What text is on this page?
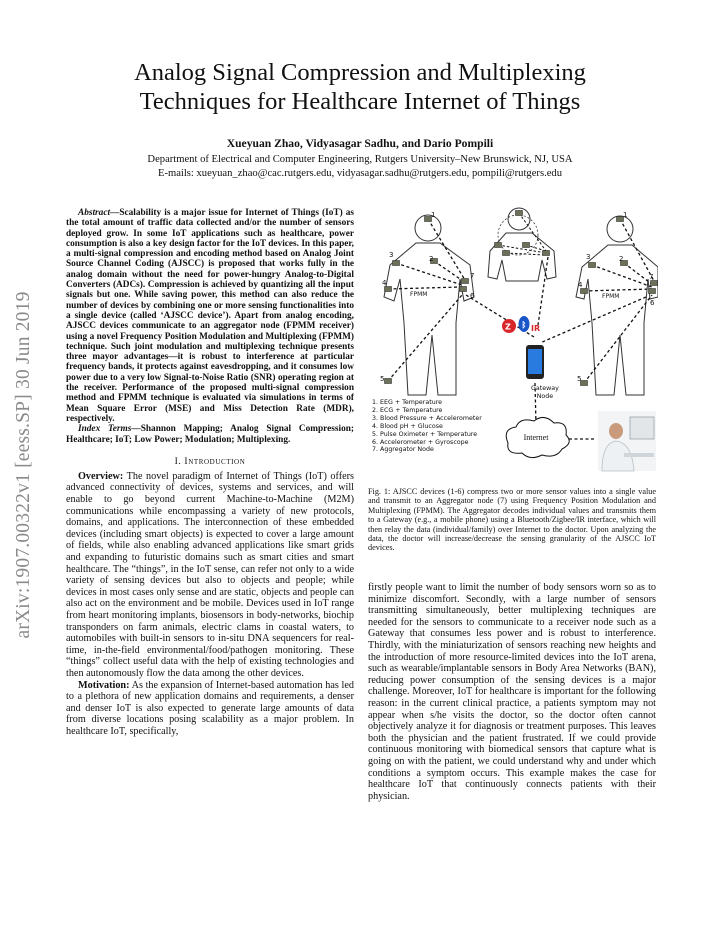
Analog Signal Compression and Multiplexing
Techniques for Healthcare Internet of Things
Xueyuan Zhao, Vidyasagar Sadhu, and Dario Pompili
Department of Electrical and Computer Engineering, Rutgers University–New Brunswick, NJ, USA
E-mails: xueyuan_zhao@cac.rutgers.edu, vidyasagar.sadhu@rutgers.edu, pompili@rutgers.edu
arXiv:1907.00322v1 [eess.SP] 30 Jun 2019

Abstract—Scalability is a major issue for Internet of Things (IoT) as the total amount of traffic data collected and/or the number of sensors deployed grow. In some IoT applications such as healthcare, power consumption is also a key design factor for the IoT devices. In this paper, a multi-signal compression and encoding method based on Analog Joint Source Channel Coding (AJSCC) is proposed that works fully in the analog domain without the need for power-hungry Analog-to-Digital Converters (ADCs). Compression is achieved by quantizing all the input signals but one. While saving power, this method can also reduce the number of devices by combining one or more sensing functionalities into a single device (called ‘AJSCC device’). Apart from analog encoding, AJSCC devices communicate to an aggregator node (FPMM receiver) using a novel Frequency Position Modulation and Multiplexing (FPMM) technique. Such joint modulation and multiplexing technique presents three mayor advantages—it is robust to interference at particular frequency bands, it protects against eavesdropping, and it consumes low power due to a very low Signal-to-Noise Ratio (SNR) operating region at the receiver. Performance of the proposed multi-signal compression method and FPMM technique is evaluated via simulations in terms of Mean Square Error (MSE) and Miss Detection Rate (MDR), respectively.

Index Terms—Shannon Mapping; Analog Signal Compression; Healthcare; IoT; Low Power; Modulation; Multiplexing.

I. Introduction

Overview: The novel paradigm of Internet of Things (IoT) offers advanced connectivity of devices, systems and services, and will enable to go beyond current Machine-to-Machine (M2M) communications while encompassing a variety of new protocols, domains, and applications. The interconnection of these embedded devices (including smart objects) is expected to cover a large amount of fields, while also enabling advanced applications like smart grids and expanding to futuristic domains such as smart cities and smart healthcare. The “things”, in the IoT sense, can refer not only to a wide variety of sensing devices but also to objects and people; while devices in most cases only sense and are static, objects and people can also act on the environment and be mobile. Devices used in IoT range from heart monitoring implants, biosensors in body-networks, biochip transponders on farm animals, electric clams in coastal waters, to automobiles with built-in sensors to in-situ DNA sequencers for real-time, in-the-field environmental/food/pathogen monitoring. These “things” collect useful data with the help of existing technologies and then autonomously flow the data among the other devices.

Motivation: As the expansion of Internet-based automation has led to a plethora of new application domains and requirements, a denser and denser IoT is also expected to generate large amounts of data from diverse locations posing scalability as a major problem. In healthcare IoT, specifically,

1
2
3
4
5
6
7
1
2
3
4
5
6
7
FPMM	FPMM
Z ᛒ IR
Gateway
Node
Internet
1. EEG + Temperature
2. ECG + Temperature
3. Blood Pressure + Accelerometer
4. Blood pH + Glucose
5. Pulse Oximeter + Temperature
6. Accelerometer + Gyroscope
7. Aggregator Node
Fig. 1: AJSCC devices (1-6) compress two or more sensor values into a single value and transmit to an Aggregator node (7) using Frequency Position Modulation and Multiplexing (FPMM). The Aggregator decodes individual values and transmits them to a Gateway (e.g., a mobile phone) using a Bluetooth/Zigbee/IR interface, which will then relay the data (individual/family) over Internet to the doctor. Upon analyzing the data, the doctor will increase/decrease the sensing granularity of the AJSCC IoT devices.

firstly people want to limit the number of body sensors worn so as to minimize discomfort. Secondly, with a large number of sensors transmitting simultaneously, better multiplexing techniques are needed for the sensors to communicate to a receiver node such as a Gateway that consumes less power and is robust to interference. Thirdly, with the miniaturization of sensors reaching new heights and the introduction of more resource-limited devices into the IoT arena, such as wearable/implantable sensors in Body Area Networks (BAN), reducing power consumption of the sensing devices is a major challenge. Moreover, IoT for healthcare is important for the following reason: in the current clinical practice, a patients symptom may not appear when s/he visits the doctor, so the doctor often cannot objectively analyze it for diagnosis or treatment purposes. This leaves both the physician and the patient frustrated. If we could provide continuous monitoring with biomedical sensors that capture what is going on with the patient, we could understand why and under which conditions a symptom occurs. This example makes the case for healthcare IoT that continuously connects patients with their physician.
